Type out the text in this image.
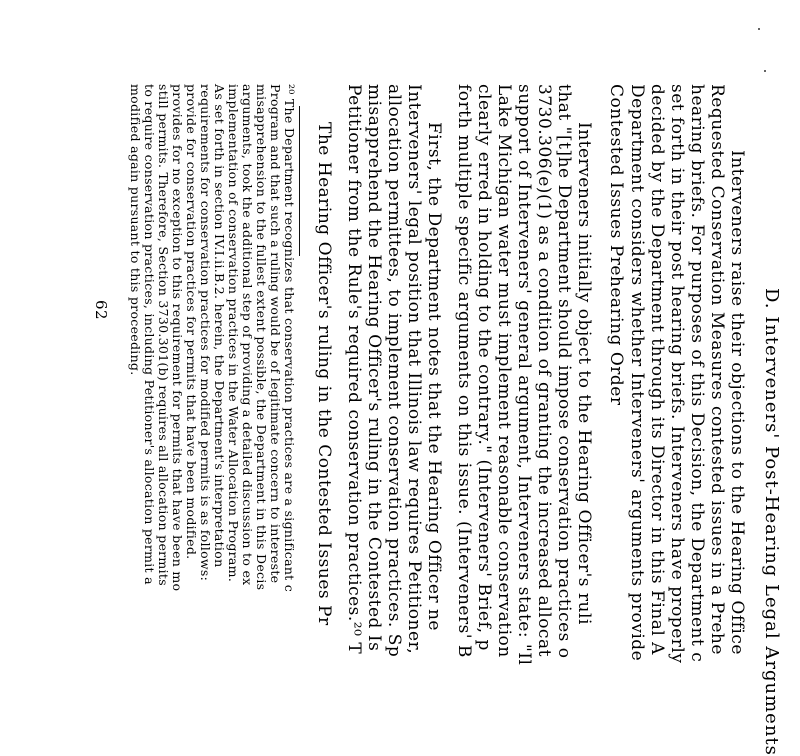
D. Interveners' Post-Hearing Legal Arguments
Interveners raise their objections to the Hearing Office
Requested Conservation Measures contested issues in a Prehe
hearing briefs. For purposes of this Decision, the Department c
set forth in their post hearing briefs. Interveners have properly
decided by the Department through its Director in this Final A
Department considers whether Interveners' arguments provide
Contested Issues Prehearing Order
Interveners initially object to the Hearing Officer's ruli
that "[t]he Department should impose conservation practices o
3730.306(e)(1) as a condition of granting the increased allocat
support of Interveners' general argument, Interveners state: "Il
Lake Michigan water must implement reasonable conservation
clearly erred in holding to the contrary." (Interveners' Brief, p
forth multiple specific arguments on this issue. (Interveners' B
First, the Department notes that the Hearing Officer ne
Interveners' legal position that Illinois law requires Petitioner,
allocation permittees, to implement conservation practices. Sp
misapprehend the Hearing Officer's ruling in the Contested Is
Petitioner from the Rule's required conservation practices.²⁰ T
The Hearing Officer's ruling in the Contested Issues Pr
²⁰ The Department recognizes that conservation practices are a significant c
Program and that such a ruling would be of legitimate concern to intereste
misapprehension to the fullest extent possible, the Department in this Decis
arguments, took the additional step of providing a detailed discussion to ex
implementation of conservation practices in the Water Allocation Program.
As set forth in section IV.I.ii.B.2. herein, the Department's interpretation
requirements for conservation practices for modified permits is as follows:
provide for conservation practices for permits that have been modified.
provides for no exception to this requirement for permits that have been mo
still permits. Therefore, Section 3730.301(b) requires all allocation permits
to require conservation practices, including Petitioner's allocation permit a
modified again pursuant to this proceeding.
62
